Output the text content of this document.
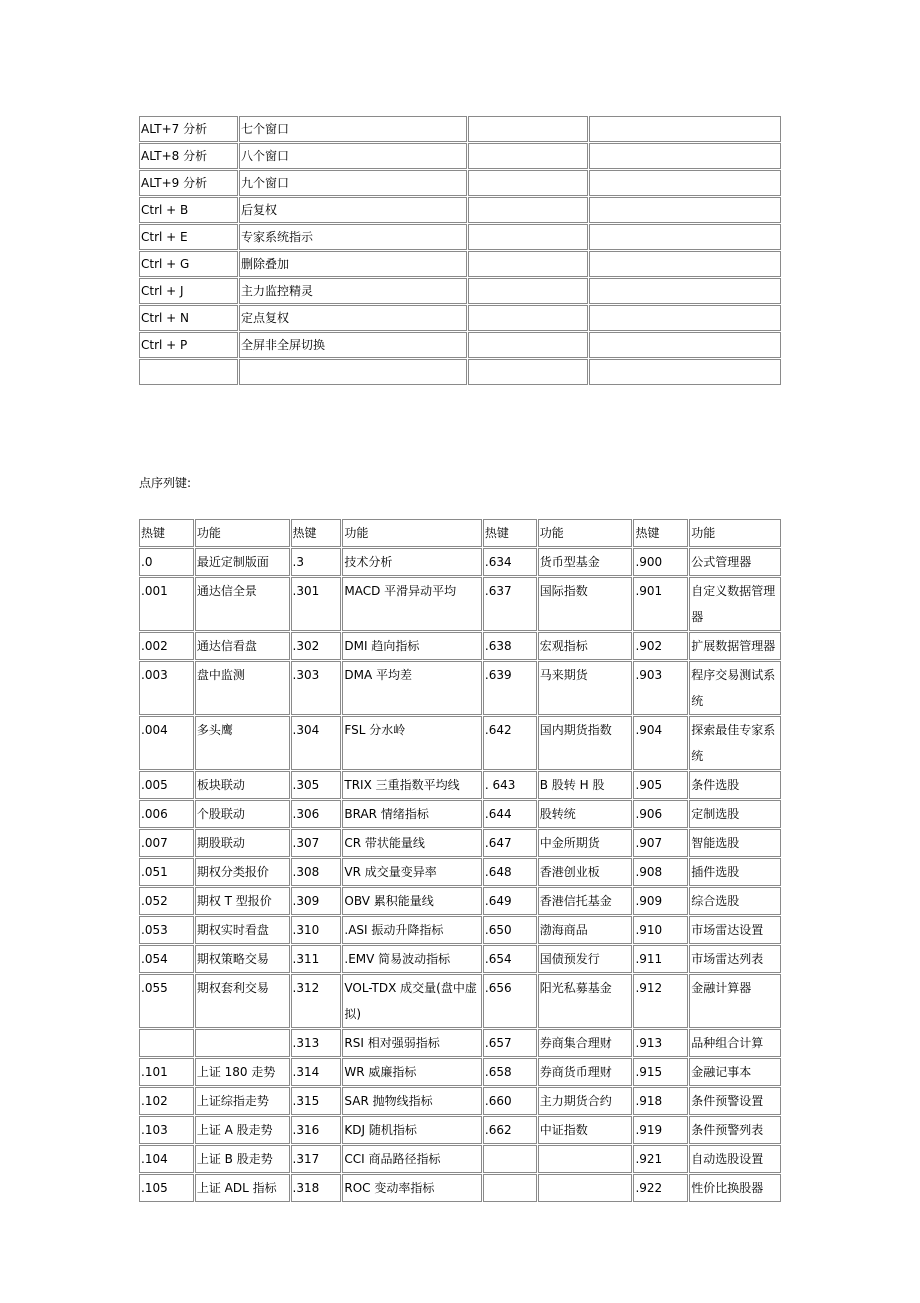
ALT+7 分析	七个窗口		
ALT+8 分析	八个窗口		
ALT+9 分析	九个窗口		
Ctrl + B	后复权		
Ctrl + E	专家系统指示		
Ctrl + G	删除叠加		
Ctrl + J	主力监控精灵		
Ctrl + N	定点复权		
Ctrl + P	全屏非全屏切换		

点序列键:
热键	功能	热键	功能	热键	功能	热键	功能
.0	最近定制版面	.3	技术分析	.634	货币型基金	.900	公式管理器
.001	通达信全景	.301	MACD 平滑异动平均	.637	国际指数	.901	自定义数据管理器
.002	通达信看盘	.302	DMI 趋向指标	.638	宏观指标	.902	扩展数据管理器
.003	盘中监测	.303	DMA 平均差	.639	马来期货	.903	程序交易测试系统
.004	多头鹰	.304	FSL 分水岭	.642	国内期货指数	.904	探索最佳专家系统
.005	板块联动	.305	TRIX 三重指数平均线	. 643	B 股转 H 股	.905	条件选股
.006	个股联动	.306	BRAR 情绪指标	.644	股转统	.906	定制选股
.007	期股联动	.307	CR 带状能量线	.647	中金所期货	.907	智能选股
.051	期权分类报价	.308	VR 成交量变异率	.648	香港创业板	.908	插件选股
.052	期权 T 型报价	.309	OBV 累积能量线	.649	香港信托基金	.909	综合选股
.053	期权实时看盘	.310	.ASI 振动升降指标	.650	渤海商品	.910	市场雷达设置
.054	期权策略交易	.311	.EMV 简易波动指标	.654	国债预发行	.911	市场雷达列表
.055	期权套利交易	.312	VOL-TDX 成交量(盘中虚拟)	.656	阳光私募基金	.912	金融计算器
		.313	RSI 相对强弱指标	.657	券商集合理财	.913	品种组合计算
.101	上证 180 走势	.314	WR 威廉指标	.658	券商货币理财	.915	金融记事本
.102	上证综指走势	.315	SAR 抛物线指标	.660	主力期货合约	.918	条件预警设置
.103	上证 A 股走势	.316	KDJ 随机指标	.662	中证指数	.919	条件预警列表
.104	上证 B 股走势	.317	CCI 商品路径指标			.921	自动选股设置
.105	上证 ADL 指标	.318	ROC 变动率指标			.922	性价比换股器
